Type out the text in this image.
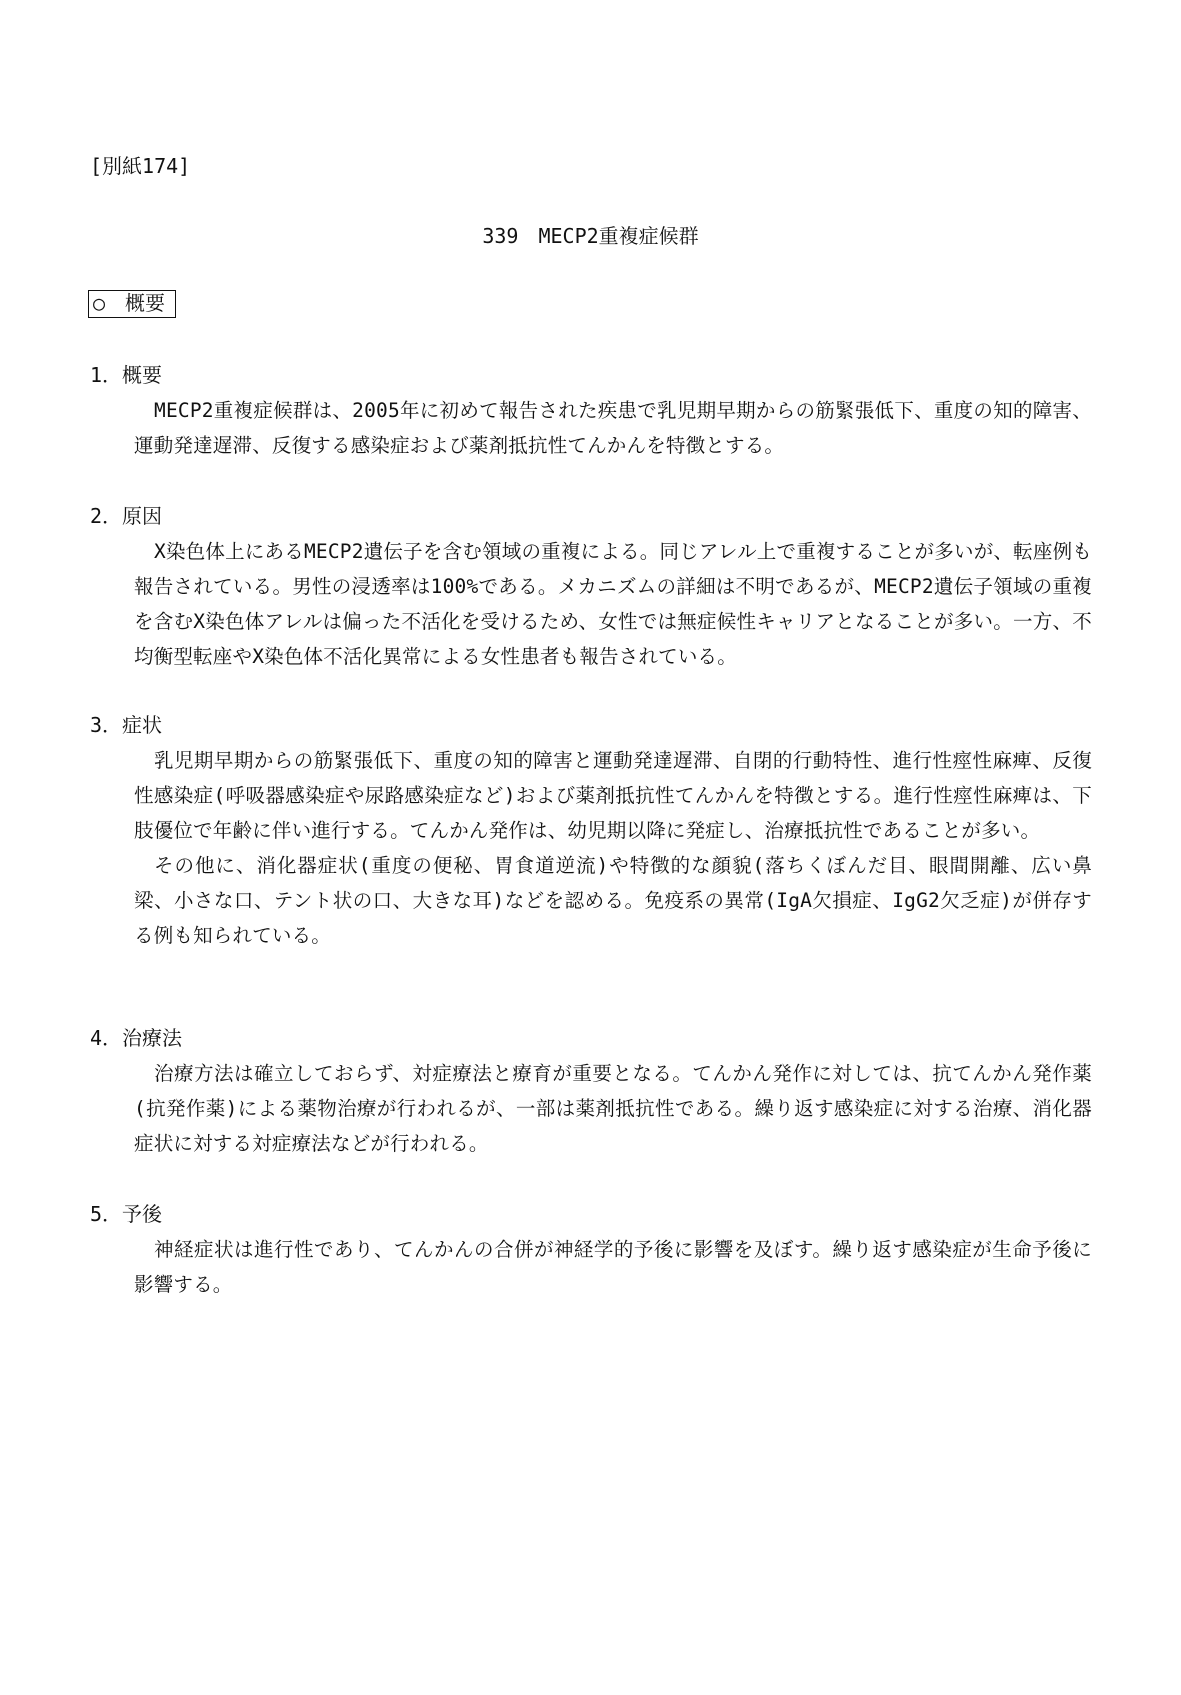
[別紙174]
339　MECP2重複症候群
○　概要
1．概要

MECP2重複症候群は、2005年に初めて報告された疾患で乳児期早期からの筋緊張低下、重度の知的障害、運動発達遅滞、反復する感染症および薬剤抵抗性てんかんを特徴とする。

2．原因

X染色体上にあるMECP2遺伝子を含む領域の重複による。同じアレル上で重複することが多いが、転座例も報告されている。男性の浸透率は100%である。メカニズムの詳細は不明であるが、MECP2遺伝子領域の重複を含むX染色体アレルは偏った不活化を受けるため、女性では無症候性キャリアとなることが多い。一方、不均衡型転座やX染色体不活化異常による女性患者も報告されている。

3．症状

乳児期早期からの筋緊張低下、重度の知的障害と運動発達遅滞、自閉的行動特性、進行性痙性麻痺、反復性感染症(呼吸器感染症や尿路感染症など)および薬剤抵抗性てんかんを特徴とする。進行性痙性麻痺は、下肢優位で年齢に伴い進行する。てんかん発作は、幼児期以降に発症し、治療抵抗性であることが多い。

その他に、消化器症状(重度の便秘、胃食道逆流)や特徴的な顔貌(落ちくぼんだ目、眼間開離、広い鼻梁、小さな口、テント状の口、大きな耳)などを認める。免疫系の異常(IgA欠損症、IgG2欠乏症)が併存する例も知られている。

4．治療法

治療方法は確立しておらず、対症療法と療育が重要となる。てんかん発作に対しては、抗てんかん発作薬(抗発作薬)による薬物治療が行われるが、一部は薬剤抵抗性である。繰り返す感染症に対する治療、消化器症状に対する対症療法などが行われる。

5．予後

神経症状は進行性であり、てんかんの合併が神経学的予後に影響を及ぼす。繰り返す感染症が生命予後に影響する。
